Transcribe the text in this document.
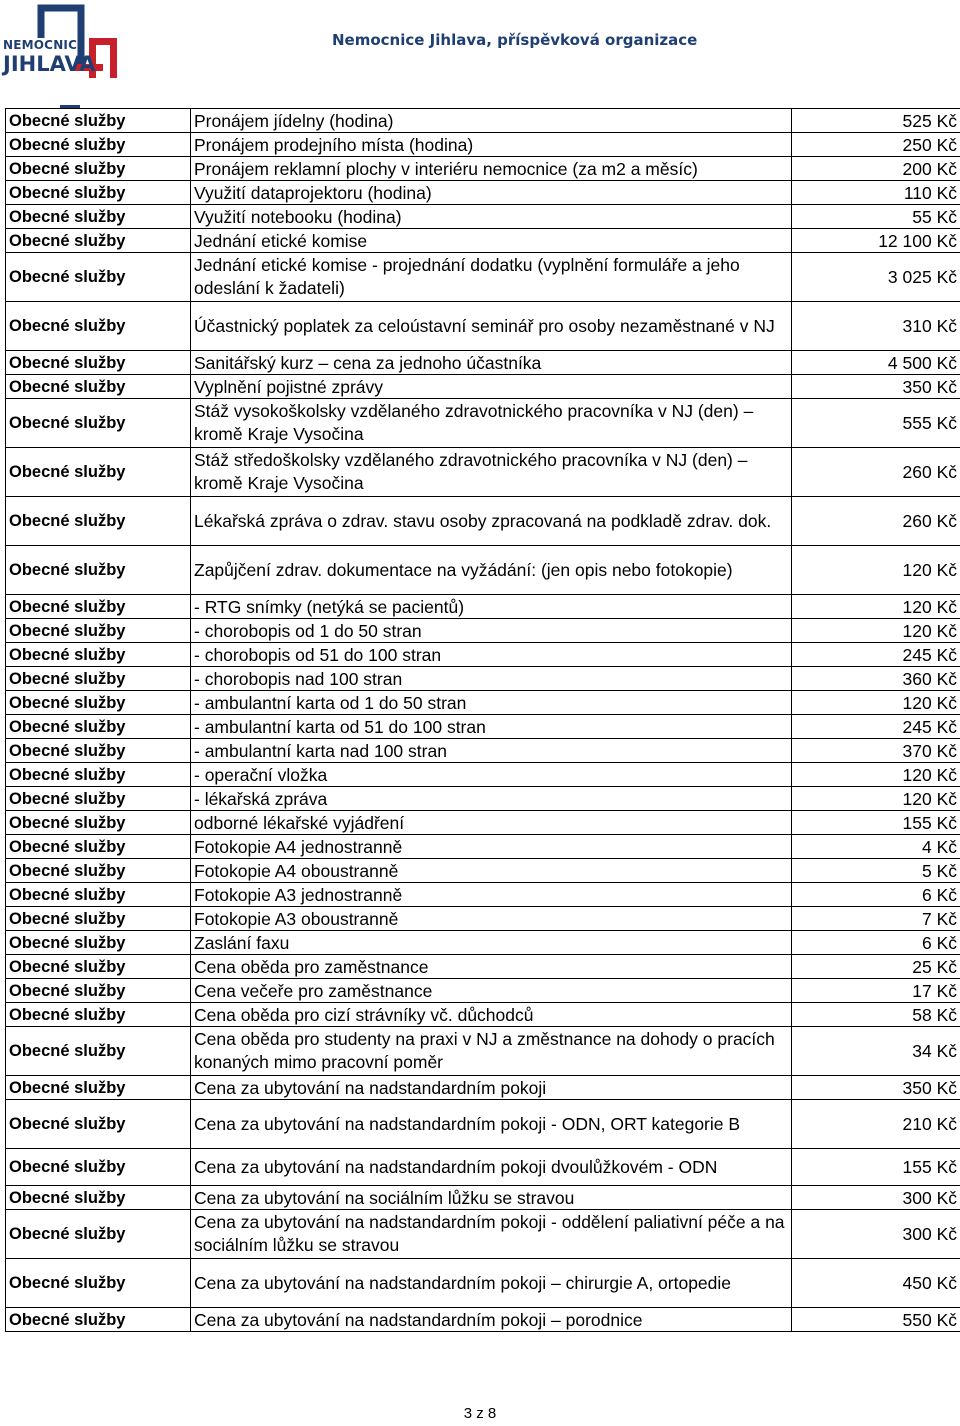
NEMOCNICE
JIHLAVA
Nemocnice Jihlava, příspěvková organizace
Obecné služby	Pronájem jídelny (hodina)	525 Kč
Obecné služby	Pronájem prodejního místa (hodina)	250 Kč
Obecné služby	Pronájem reklamní plochy v interiéru nemocnice (za m2 a měsíc)	200 Kč
Obecné služby	Využití dataprojektoru (hodina)	110 Kč
Obecné služby	Využití notebooku (hodina)	55 Kč
Obecné služby	Jednání etické komise	12 100 Kč
Obecné služby	Jednání etické komise - projednání dodatku (vyplnění formuláře a jeho odeslání k žadateli)	3 025 Kč
Obecné služby	Účastnický poplatek za celoústavní seminář pro osoby nezaměstnané v NJ	310 Kč
Obecné služby	Sanitářský kurz – cena za jednoho účastníka	4 500 Kč
Obecné služby	Vyplnění pojistné zprávy	350 Kč
Obecné služby	Stáž vysokoškolsky vzdělaného zdravotnického pracovníka v NJ (den) – kromě Kraje Vysočina	555 Kč
Obecné služby	Stáž středoškolsky vzdělaného zdravotnického pracovníka v NJ (den) – kromě Kraje Vysočina	260 Kč
Obecné služby	Lékařská zpráva o zdrav. stavu osoby zpracovaná na podkladě zdrav. dok.	260 Kč
Obecné služby	Zapůjčení zdrav. dokumentace na vyžádání: (jen opis nebo fotokopie)	120 Kč
Obecné služby	- RTG snímky (netýká se pacientů)	120 Kč
Obecné služby	- chorobopis od 1 do 50 stran	120 Kč
Obecné služby	- chorobopis od 51 do 100 stran	245 Kč
Obecné služby	- chorobopis nad 100 stran	360 Kč
Obecné služby	- ambulantní karta od 1 do 50 stran	120 Kč
Obecné služby	- ambulantní karta od 51 do 100 stran	245 Kč
Obecné služby	- ambulantní karta nad 100 stran	370 Kč
Obecné služby	- operační vložka	120 Kč
Obecné služby	- lékařská zpráva	120 Kč
Obecné služby	odborné lékařské vyjádření	155 Kč
Obecné služby	Fotokopie A4 jednostranně	4 Kč
Obecné služby	Fotokopie A4 oboustranně	5 Kč
Obecné služby	Fotokopie A3 jednostranně	6 Kč
Obecné služby	Fotokopie A3 oboustranně	7 Kč
Obecné služby	Zaslání faxu	6 Kč
Obecné služby	Cena oběda pro zaměstnance	25 Kč
Obecné služby	Cena večeře pro zaměstnance	17 Kč
Obecné služby	Cena oběda pro cizí strávníky vč. důchodců	58 Kč
Obecné služby	Cena oběda pro studenty na praxi v NJ a změstnance na dohody o pracích konaných mimo pracovní poměr	34 Kč
Obecné služby	Cena za ubytování na nadstandardním pokoji	350 Kč
Obecné služby	Cena za ubytování na nadstandardním pokoji - ODN, ORT kategorie B	210 Kč
Obecné služby	Cena za ubytování na nadstandardním pokoji dvoulůžkovém - ODN	155 Kč
Obecné služby	Cena za ubytování na sociálním lůžku se stravou	300 Kč
Obecné služby	Cena za ubytování na nadstandardním pokoji - oddělení paliativní péče a na sociálním lůžku se stravou	300 Kč
Obecné služby	Cena za ubytování na nadstandardním pokoji – chirurgie A, ortopedie	450 Kč
Obecné služby	Cena za ubytování na nadstandardním pokoji – porodnice	550 Kč
3 z 8
